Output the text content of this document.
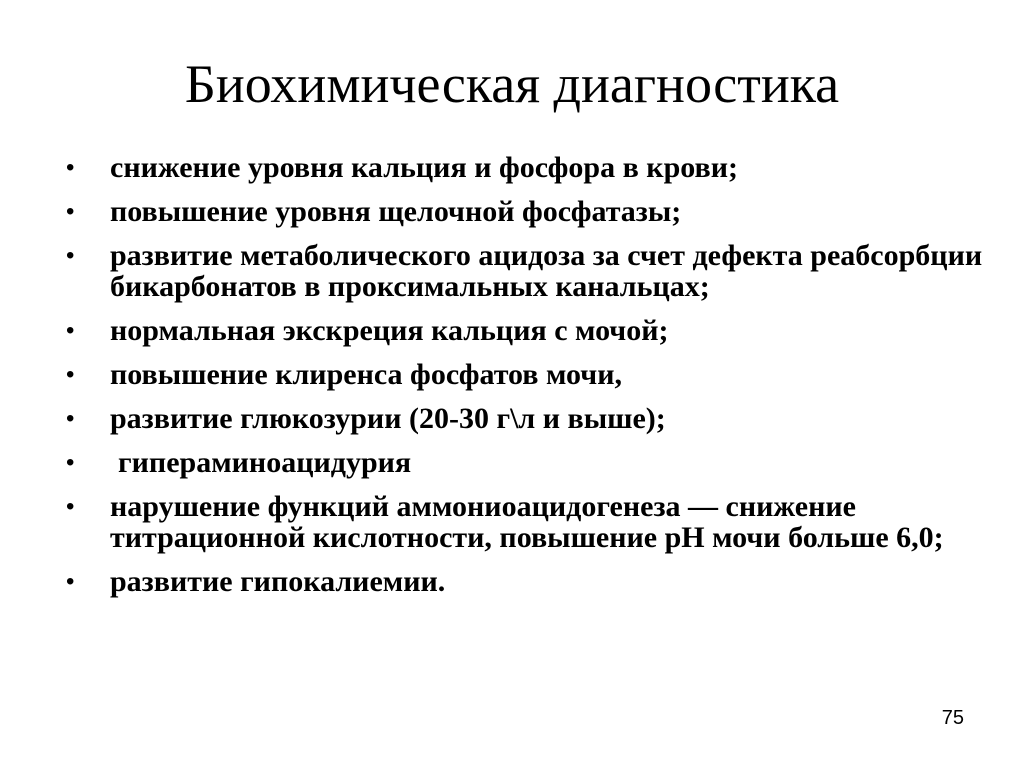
Биохимическая диагностика
•	снижение уровня кальция и фосфора в крови;
•	повышение уровня щелочной фосфатазы;
•	развитие метаболического ацидоза за счет дефекта реабсорбции бикарбонатов в проксимальных канальцах;
•	нормальная экскреция кальция с мочой;
•	повышение клиренса фосфатов мочи,
•	развитие глюкозурии (20-30 г\л и выше);
•	гипераминоацидурия
•	нарушение функций аммониоацидогенеза — снижение титрационной кислотности, повышение рН мочи больше 6,0;
•	развитие гипокалиемии.
75
